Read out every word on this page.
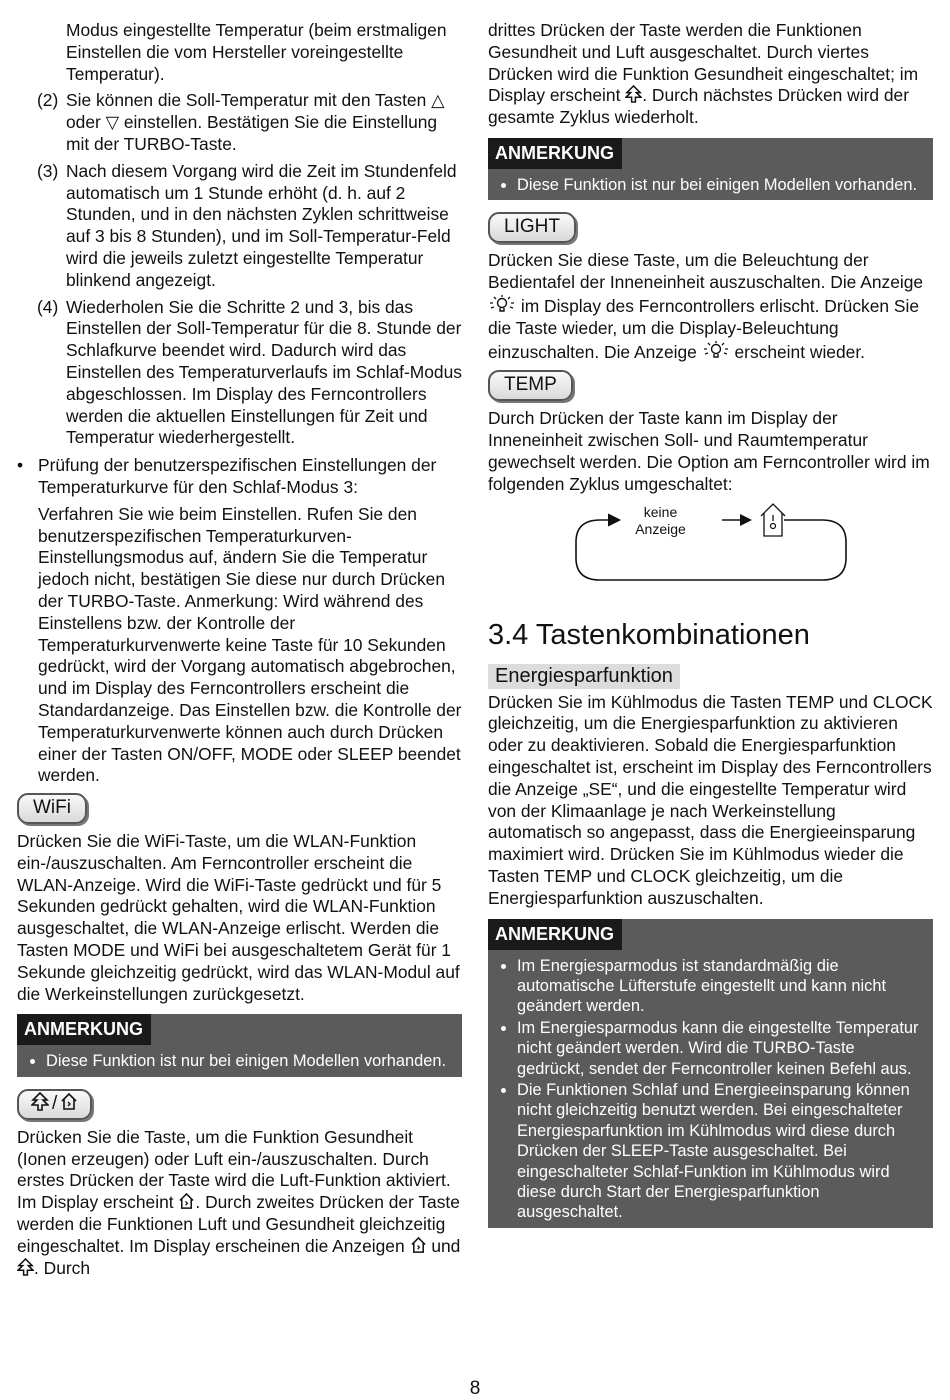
Modus eingestellte Temperatur (beim erstmaligen Einstellen die vom Hersteller voreingestellte Temperatur).

(2) Sie können die Soll-Temperatur mit den Tasten △ oder ▽ einstellen. Bestätigen Sie die Einstellung mit der TURBO-Taste.
(3) Nach diesem Vorgang wird die Zeit im Stundenfeld automatisch um 1 Stunde erhöht (d. h. auf 2 Stunden, und in den nächsten Zyklen schrittweise auf 3 bis 8 Stunden), und im Soll-Temperatur-Feld wird die jeweils zuletzt eingestellte Temperatur blinkend angezeigt.
(4) Wiederholen Sie die Schritte 2 und 3, bis das Einstellen der Soll-Temperatur für die 8. Stunde der Schlafkurve beendet wird. Dadurch wird das Einstellen des Temperaturverlaufs im Schlaf-Modus abgeschlossen. Im Display des Ferncontrollers werden die aktuellen Einstellungen für Zeit und Temperatur wiederhergestellt.
• Prüfung der benutzerspezifischen Einstellungen der Temperaturkurve für den Schlaf-Modus 3:

Verfahren Sie wie beim Einstellen. Rufen Sie den benutzerspezifischen Temperaturkurven-Einstellungsmodus auf, ändern Sie die Temperatur jedoch nicht, bestätigen Sie diese nur durch Drücken der TURBO-Taste. Anmerkung: Wird während des Einstellens bzw. der Kontrolle der Temperaturkurvenwerte keine Taste für 10 Sekunden gedrückt, wird der Vorgang automatisch abgebrochen, und im Display des Ferncontrollers erscheint die Standardanzeige. Das Einstellen bzw. die Kontrolle der Temperaturkurvenwerte können auch durch Drücken einer der Tasten ON/OFF, MODE oder SLEEP beendet werden.

WiFi

Drücken Sie die WiFi-Taste, um die WLAN-Funktion ein-/auszuschalten. Am Ferncontroller erscheint die WLAN-Anzeige. Wird die WiFi-Taste gedrückt und für 5 Sekunden gedrückt gehalten, wird die WLAN-Funktion ausgeschaltet, die WLAN-Anzeige erlischt. Werden die Tasten MODE und WiFi bei ausgeschaltetem Gerät für 1 Sekunde gleichzeitig gedrückt, wird das WLAN-Modul auf die Werkeinstellungen zurückgesetzt.

ANMERKUNG
• Diese Funktion ist nur bei einigen Modellen vorhanden.
/

Drücken Sie die Taste, um die Funktion Gesundheit (Ionen erzeugen) oder Luft ein-/auszuschalten. Durch erstes Drücken der Taste wird die Luft-Funktion aktiviert. Im Display erscheint . Durch zweites Drücken der Taste werden die Funktionen Luft und Gesundheit gleichzeitig eingeschaltet. Im Display erscheinen die Anzeigen  und . Durch

drittes Drücken der Taste werden die Funktionen Gesundheit und Luft ausgeschaltet. Durch viertes Drücken wird die Funktion Gesundheit eingeschaltet; im Display erscheint . Durch nächstes Drücken wird der gesamte Zyklus wiederholt.

ANMERKUNG
• Diese Funktion ist nur bei einigen Modellen vorhanden.
LIGHT

Drücken Sie diese Taste, um die Beleuchtung der Bedientafel der Inneneinheit auszuschalten. Die Anzeige  im Display des Ferncontrollers erlischt. Drücken Sie die Taste wieder, um die Display-Beleuchtung einzuschalten. Die Anzeige  erscheint wieder.

TEMP

Durch Drücken der Taste kann im Display der Inneneinheit zwischen Soll- und Raumtemperatur gewechselt werden. Die Option am Ferncontroller wird im folgenden Zyklus umgeschaltet:

keine
Anzeige
3.4 Tastenkombinationen
Energiesparfunktion

Drücken Sie im Kühlmodus die Tasten TEMP und CLOCK gleichzeitig, um die Energiesparfunktion zu aktivieren oder zu deaktivieren. Sobald die Energiesparfunktion eingeschaltet ist, erscheint im Display des Ferncontrollers die Anzeige „SE“, und die eingestellte Temperatur wird von der Klimaanlage je nach Werkeinstellung automatisch so angepasst, dass die Energieeinsparung maximiert wird. Drücken Sie im Kühlmodus wieder die Tasten TEMP und CLOCK gleichzeitig, um die Energiesparfunktion auszuschalten.

ANMERKUNG
• Im Energiesparmodus ist standardmäßig die automatische Lüfterstufe eingestellt und kann nicht geändert werden.
• Im Energiesparmodus kann die eingestellte Temperatur nicht geändert werden. Wird die TURBO-Taste gedrückt, sendet der Ferncontroller keinen Befehl aus.
• Die Funktionen Schlaf und Energieeinsparung können nicht gleichzeitig benutzt werden. Bei eingeschalteter Energiesparfunktion im Kühlmodus wird diese durch Drücken der SLEEP-Taste ausgeschaltet. Bei eingeschalteter Schlaf-Funktion im Kühlmodus wird diese durch Start der Energiesparfunktion ausgeschaltet.
8
